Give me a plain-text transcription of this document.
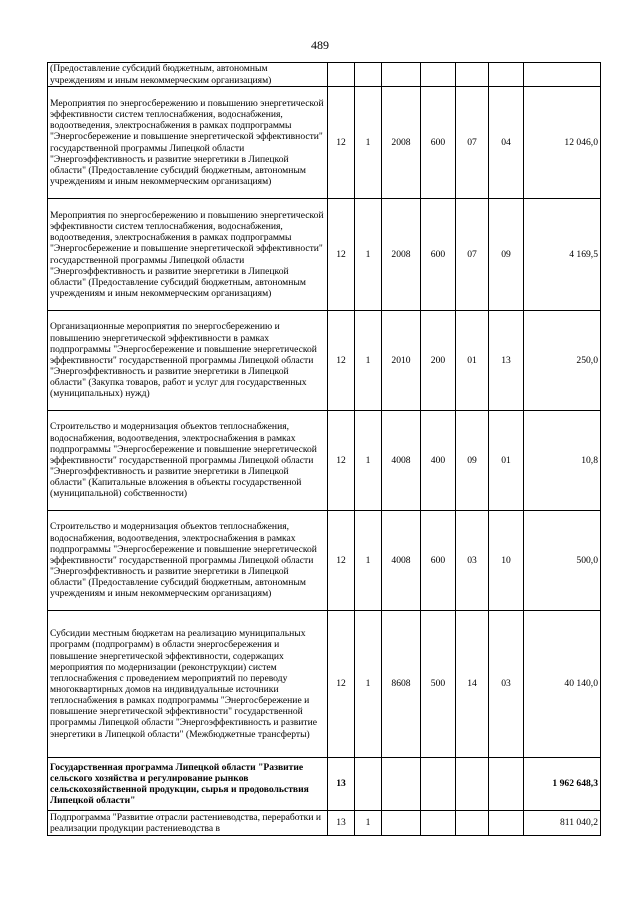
489
(Предоставление субсидий бюджетным, автономным учреждениям и иным некоммерческим организациям)							
Мероприятия по энергосбережению и повышению энергетической эффективности систем теплоснабжения, водоснабжения, водоотведения, электроснабжения в рамках подпрограммы "Энергосбережение и повышение энергетической эффективности" государственной программы Липецкой области "Энергоэффективность и развитие энергетики в Липецкой области" (Предоставление субсидий бюджетным, автономным учреждениям и иным некоммерческим организациям)	12	1	2008	600	07	04	12 046,0
Мероприятия по энергосбережению и повышению энергетической эффективности систем теплоснабжения, водоснабжения, водоотведения, электроснабжения в рамках подпрограммы "Энергосбережение и повышение энергетической эффективности" государственной программы Липецкой области "Энергоэффективность и развитие энергетики в Липецкой области" (Предоставление субсидий бюджетным, автономным учреждениям и иным некоммерческим организациям)	12	1	2008	600	07	09	4 169,5
Организационные мероприятия по энергосбережению и повышению энергетической эффективности в рамках подпрограммы "Энергосбережение и повышение энергетической эффективности" государственной программы Липецкой области "Энергоэффективность и развитие энергетики в Липецкой области" (Закупка товаров, работ и услуг для государственных (муниципальных) нужд)	12	1	2010	200	01	13	250,0
Строительство и модернизация объектов теплоснабжения, водоснабжения, водоотведения, электроснабжения в рамках подпрограммы "Энергосбережение и повышение энергетической эффективности" государственной программы Липецкой области "Энергоэффективность и развитие энергетики в Липецкой области" (Капитальные вложения в объекты государственной (муниципальной) собственности)	12	1	4008	400	09	01	10,8
Строительство и модернизация объектов теплоснабжения, водоснабжения, водоотведения, электроснабжения в рамках подпрограммы "Энергосбережение и повышение энергетической эффективности" государственной программы Липецкой области "Энергоэффективность и развитие энергетики в Липецкой области" (Предоставление субсидий бюджетным, автономным учреждениям и иным некоммерческим организациям)	12	1	4008	600	03	10	500,0
Субсидии местным бюджетам на реализацию муниципальных программ (подпрограмм) в области энергосбережения и повышение энергетической эффективности, содержащих мероприятия по модернизации (реконструкции) систем теплоснабжения с проведением мероприятий по переводу многоквартирных домов на индивидуальные источники теплоснабжения в рамках подпрограммы "Энергосбережение и повышение энергетической эффективности" государственной программы Липецкой области "Энергоэффективность и развитие энергетики в Липецкой области" (Межбюджетные трансферты)	12	1	8608	500	14	03	40 140,0
Государственная программа Липецкой области "Развитие сельского хозяйства и регулирование рынков сельскохозяйственной продукции, сырья и продовольствия Липецкой области"	13						1 962 648,3
Подпрограмма "Развитие отрасли растениеводства, переработки и реализации продукции растениеводства в	13	1					811 040,2
